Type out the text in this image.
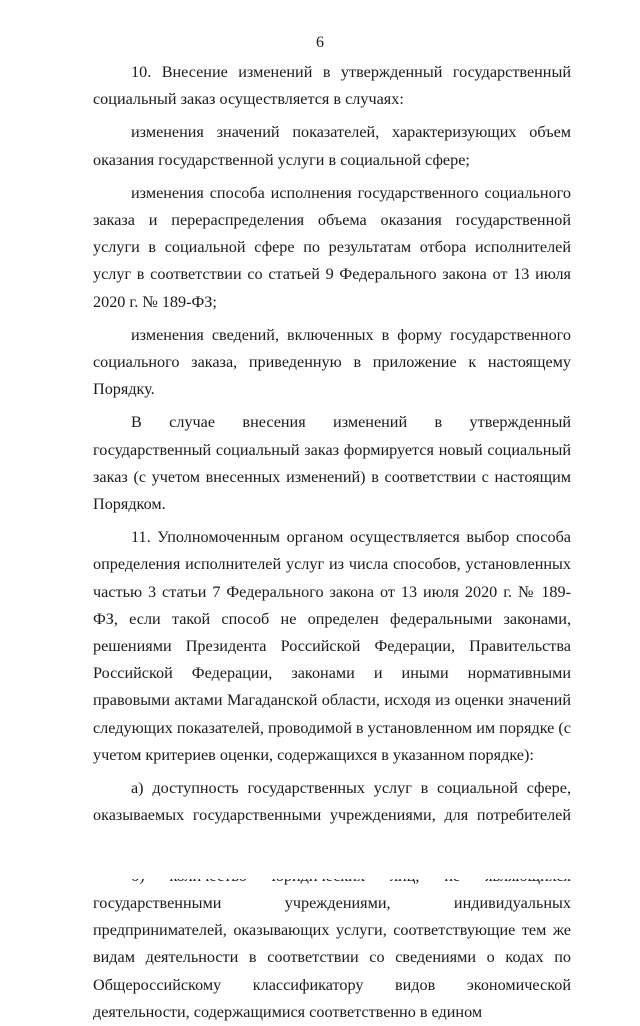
6

10. Внесение изменений в утвержденный государственный социальный заказ осуществляется в случаях:

изменения значений показателей, характеризующих объем оказания государственной услуги в социальной сфере;

изменения способа исполнения государственного социального заказа и перераспределения объема оказания государственной услуги в социальной сфере по результатам отбора исполнителей услуг в соответствии со статьей 9 Федерального закона от 13 июля 2020 г. № 189-ФЗ;

изменения сведений, включенных в форму государственного социального заказа, приведенную в приложение к настоящему Порядку.

В случае внесения изменений в утвержденный государственный социальный заказ формируется новый социальный заказ (с учетом внесенных изменений) в соответствии с настоящим Порядком.

11. Уполномоченным органом осуществляется выбор способа определения исполнителей услуг из числа способов, установленных частью 3 статьи 7 Федерального закона от 13 июля 2020 г. № 189-ФЗ, если такой способ не определен федеральными законами, решениями Президента Российской Федерации, Правительства Российской Федерации, законами и иными нормативными правовыми актами Магаданской области, исходя из оценки значений следующих показателей, проводимой в установленном им порядке (с учетом критериев оценки, содержащихся в указанном порядке):

а) доступность государственных услуг в социальной сфере, оказываемых государственными учреждениями, для потребителей

государственными учреждениями, индивидуальных предпринимателей, оказывающих услуги, соответствующие тем же видам деятельности в соответствии со сведениями о кодах по Общероссийскому классификатору видов экономической деятельности, содержащимися соответственно в едином
